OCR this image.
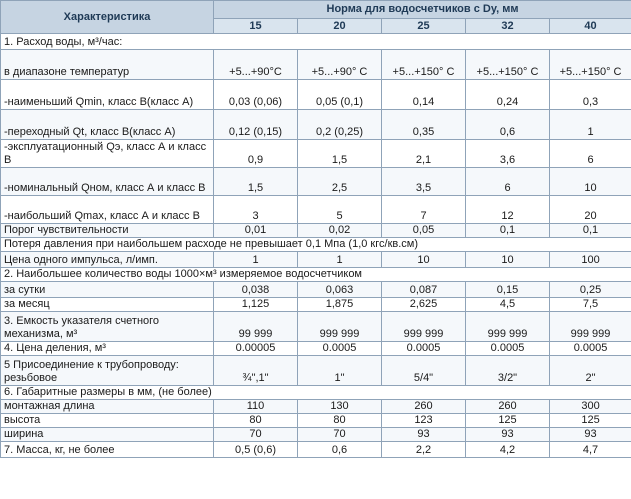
Характеристика	Норма для водосчетчиков с Dy, мм				
	15	20	25	32	40
1. Расход воды, м³/час:					
в диапазоне температур	+5...+90°C	+5...+90° C	+5...+150° C	+5...+150° C	+5...+150° C
-наименьший Qmin, класс В(класс А)	0,03 (0,06)	0,05 (0,1)	0,14	0,24	0,3
-переходный Qt, класс В(класс А)	0,12 (0,15)	0,2 (0,25)	0,35	0,6	1
-эксплуатационный Qэ, класс А и класс В	0,9	1,5	2,1	3,6	6
-номинальный Qном, класс А и класс В	1,5	2,5	3,5	6	10
-наибольший Qmax, класс А и класс В	3	5	7	12	20
Порог чувствительности	0,01	0,02	0,05	0,1	0,1
Потеря давления при наибольшем расходе не превышает 0,1 Мпа (1,0 кгс/кв.см)					
Цена одного импульса, л/имп.	1	1	10	10	100
2. Наибольшее количество воды 1000×м³ измеряемое водосчетчиком					
за сутки	0,038	0,063	0,087	0,15	0,25
за месяц	1,125	1,875	2,625	4,5	7,5
3. Емкость указателя счетного механизма, м³	99 999	999 999	999 999	999 999	999 999
4. Цена деления, м³	0.00005	0.0005	0.0005	0.0005	0.0005
5 Присоединение к трубопроводу: резьбовое	¾",1"	1"	5/4"	3/2"	2"
6. Габаритные размеры в мм, (не более)					
монтажная длина	110	130	260	260	300
высота	80	80	123	125	125
ширина	70	70	93	93	93
7. Масса, кг, не более	0,5 (0,6)	0,6	2,2	4,2	4,7
